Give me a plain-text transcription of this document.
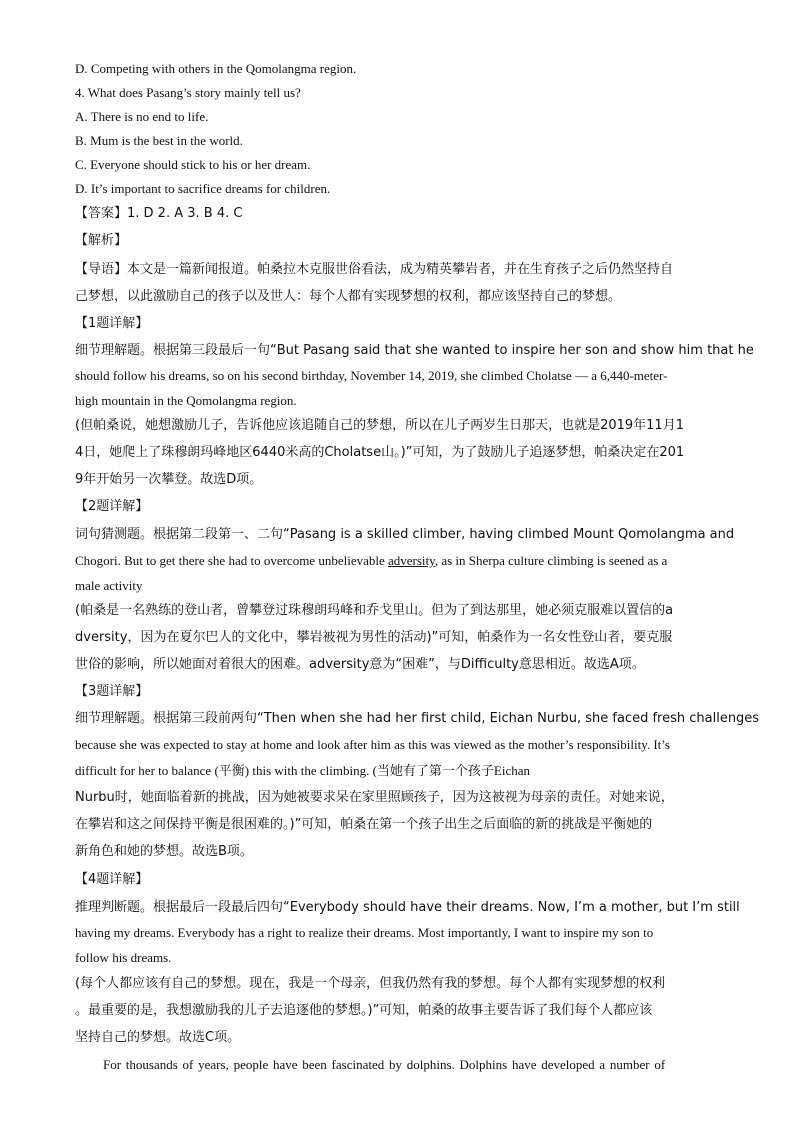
D. Competing with others in the Qomolangma region.
4. What does Pasang’s story mainly tell us?
A. There is no end to life.
B. Mum is the best in the world.
C. Everyone should stick to his or her dream.
D. It’s important to sacrifice dreams for children.
【答案】1. D 2. A 3. B 4. C
【解析】
【导语】本文是一篇新闻报道。帕桑拉木克服世俗看法，成为精英攀岩者，并在生育孩子之后仍然坚持自
己梦想，以此激励自己的孩子以及世人：每个人都有实现梦想的权利，都应该坚持自己的梦想。
【1题详解】
细节理解题。根据第三段最后一句“But Pasang said that she wanted to inspire her son and show him that he
should follow his dreams, so on his second birthday, November 14, 2019, she climbed Cholatse — a 6,440-meter-
high mountain in the Qomolangma region.
(但帕桑说，她想激励儿子，告诉他应该追随自己的梦想，所以在儿子两岁生日那天，也就是2019年11月1
4日，她爬上了珠穆朗玛峰地区6440米高的Cholatse山。)”可知，为了鼓励儿子追逐梦想，帕桑决定在201
9年开始另一次攀登。故选D项。
【2题详解】
词句猜测题。根据第二段第一、二句“Pasang is a skilled climber, having climbed Mount Qomolangma and
Chogori. But to get there she had to overcome unbelievable adversity, as in Sherpa culture climbing is seened as a
male activity
(帕桑是一名熟练的登山者，曾攀登过珠穆朗玛峰和乔戈里山。但为了到达那里，她必须克服难以置信的a
dversity，因为在夏尔巴人的文化中，攀岩被视为男性的活动)”可知，帕桑作为一名女性登山者，要克服
世俗的影响，所以她面对着很大的困难。adversity意为“困难”，与Difficulty意思相近。故选A项。
【3题详解】
细节理解题。根据第三段前两句“Then when she had her first child, Eichan Nurbu, she faced fresh challenges
because she was expected to stay at home and look after him as this was viewed as the mother’s responsibility. It’s
difficult for her to balance (平衡) this with the climbing. (当她有了第一个孩子Eichan
Nurbu时，她面临着新的挑战，因为她被要求呆在家里照顾孩子，因为这被视为母亲的责任。对她来说，
在攀岩和这之间保持平衡是很困难的。)”可知，帕桑在第一个孩子出生之后面临的新的挑战是平衡她的
新角色和她的梦想。故选B项。
【4题详解】
推理判断题。根据最后一段最后四句“Everybody should have their dreams. Now, I’m a mother, but I’m still
having my dreams. Everybody has a right to realize their dreams. Most importantly, I want to inspire my son to
follow his dreams.
(每个人都应该有自己的梦想。现在，我是一个母亲，但我仍然有我的梦想。每个人都有实现梦想的权利
。最重要的是，我想激励我的儿子去追逐他的梦想。)”可知，帕桑的故事主要告诉了我们每个人都应该
坚持自己的梦想。故选C项。
For thousands of years, people have been fascinated by dolphins. Dolphins have developed a number of
